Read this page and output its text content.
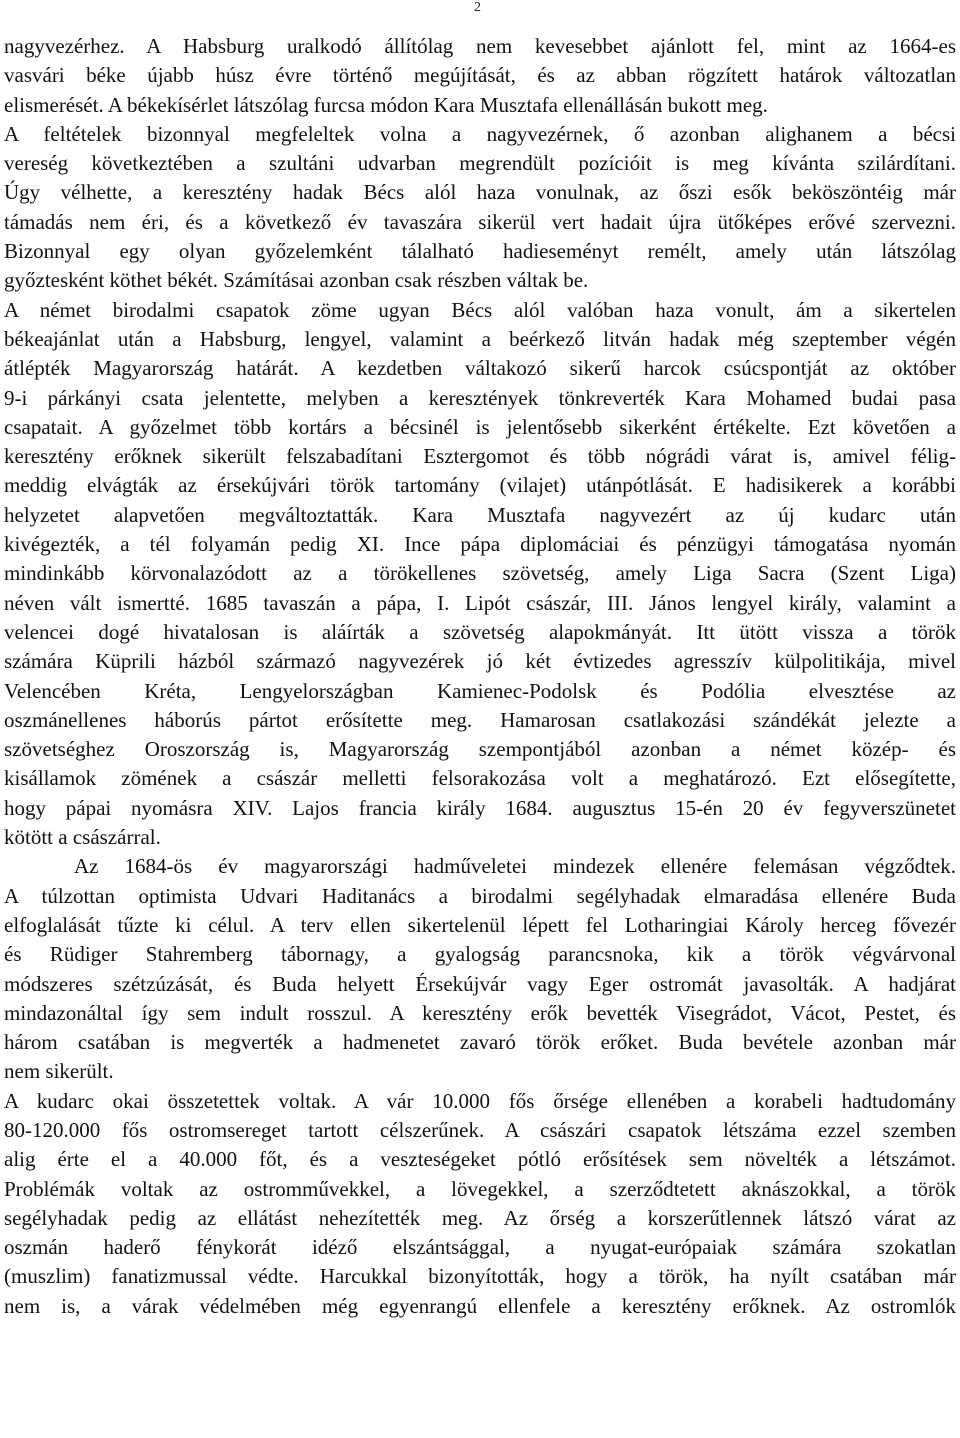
2
nagyvezérhez. A Habsburg uralkodó állítólag nem kevesebbet ajánlott fel, mint az 1664-es
vasvári béke újabb húsz évre történő megújítását, és az abban rögzített határok változatlan
elismerését. A békekísérlet látszólag furcsa módon Kara Musztafa ellenállásán bukott meg.
A feltételek bizonnyal megfeleltek volna a nagyvezérnek, ő azonban alighanem a bécsi
vereség következtében a szultáni udvarban megrendült pozícióit is meg kívánta szilárdítani.
Úgy vélhette, a keresztény hadak Bécs alól haza vonulnak, az őszi esők beköszöntéig már
támadás nem éri, és a következő év tavaszára sikerül vert hadait újra ütőképes erővé szervezni.
Bizonnyal egy olyan győzelemként tálalható hadieseményt remélt, amely után látszólag
győztesként köthet békét. Számításai azonban csak részben váltak be.
A német birodalmi csapatok zöme ugyan Bécs alól valóban haza vonult, ám a sikertelen
békeajánlat után a Habsburg, lengyel, valamint a beérkező litván hadak még szeptember végén
átlépték Magyarország határát. A kezdetben váltakozó sikerű harcok csúcspontját az október
9-i párkányi csata jelentette, melyben a keresztények tönkreverték Kara Mohamed budai pasa
csapatait. A győzelmet több kortárs a bécsinél is jelentősebb sikerként értékelte. Ezt követően a
keresztény erőknek sikerült felszabadítani Esztergomot és több nógrádi várat is, amivel félig-
meddig elvágták az érsekújvári török tartomány (vilajet) utánpótlását. E hadisikerek a korábbi
helyzetet alapvetően megváltoztatták. Kara Musztafa nagyvezért az új kudarc után
kivégezték, a tél folyamán pedig XI. Ince pápa diplomáciai és pénzügyi támogatása nyomán
mindinkább körvonalazódott az a törökellenes szövetség, amely Liga Sacra (Szent Liga)
néven vált ismertté. 1685 tavaszán a pápa, I. Lipót császár, III. János lengyel király, valamint a
velencei dogé hivatalosan is aláírták a szövetség alapokmányát. Itt ütött vissza a török
számára Küprili házból származó nagyvezérek jó két évtizedes agresszív külpolitikája, mivel
Velencében Kréta, Lengyelországban Kamienec-Podolsk és Podólia elvesztése az
oszmánellenes háborús pártot erősítette meg. Hamarosan csatlakozási szándékát jelezte a
szövetséghez Oroszország is, Magyarország szempontjából azonban a német közép- és
kisállamok zömének a császár melletti felsorakozása volt a meghatározó. Ezt elősegítette,
hogy pápai nyomásra XIV. Lajos francia király 1684. augusztus 15-én 20 év fegyverszünetet
kötött a császárral.
Az 1684-ös év magyarországi hadműveletei mindezek ellenére felemásan végződtek.
A túlzottan optimista Udvari Haditanács a birodalmi segélyhadak elmaradása ellenére Buda
elfoglalását tűzte ki célul. A terv ellen sikertelenül lépett fel Lotharingiai Károly herceg fővezér
és Rüdiger Stahremberg tábornagy, a gyalogság parancsnoka, kik a török végvárvonal
módszeres szétzúzását, és Buda helyett Érsekújvár vagy Eger ostromát javasolták. A hadjárat
mindazonáltal így sem indult rosszul. A keresztény erők bevették Visegrádot, Vácot, Pestet, és
három csatában is megverték a hadmenetet zavaró török erőket. Buda bevétele azonban már
nem sikerült.
A kudarc okai összetettek voltak. A vár 10.000 fős őrsége ellenében a korabeli hadtudomány
80-120.000 fős ostromsereget tartott célszerűnek. A császári csapatok létszáma ezzel szemben
alig érte el a 40.000 főt, és a veszteségeket pótló erősítések sem növelték a létszámot.
Problémák voltak az ostromművekkel, a lövegekkel, a szerződtetett aknászokkal, a török
segélyhadak pedig az ellátást nehezítették meg. Az őrség a korszerűtlennek látszó várat az
oszmán haderő fénykorát idéző elszántsággal, a nyugat-európaiak számára szokatlan
(muszlim) fanatizmussal védte. Harcukkal bizonyították, hogy a török, ha nyílt csatában már
nem is, a várak védelmében még egyenrangú ellenfele a keresztény erőknek. Az ostromlók
